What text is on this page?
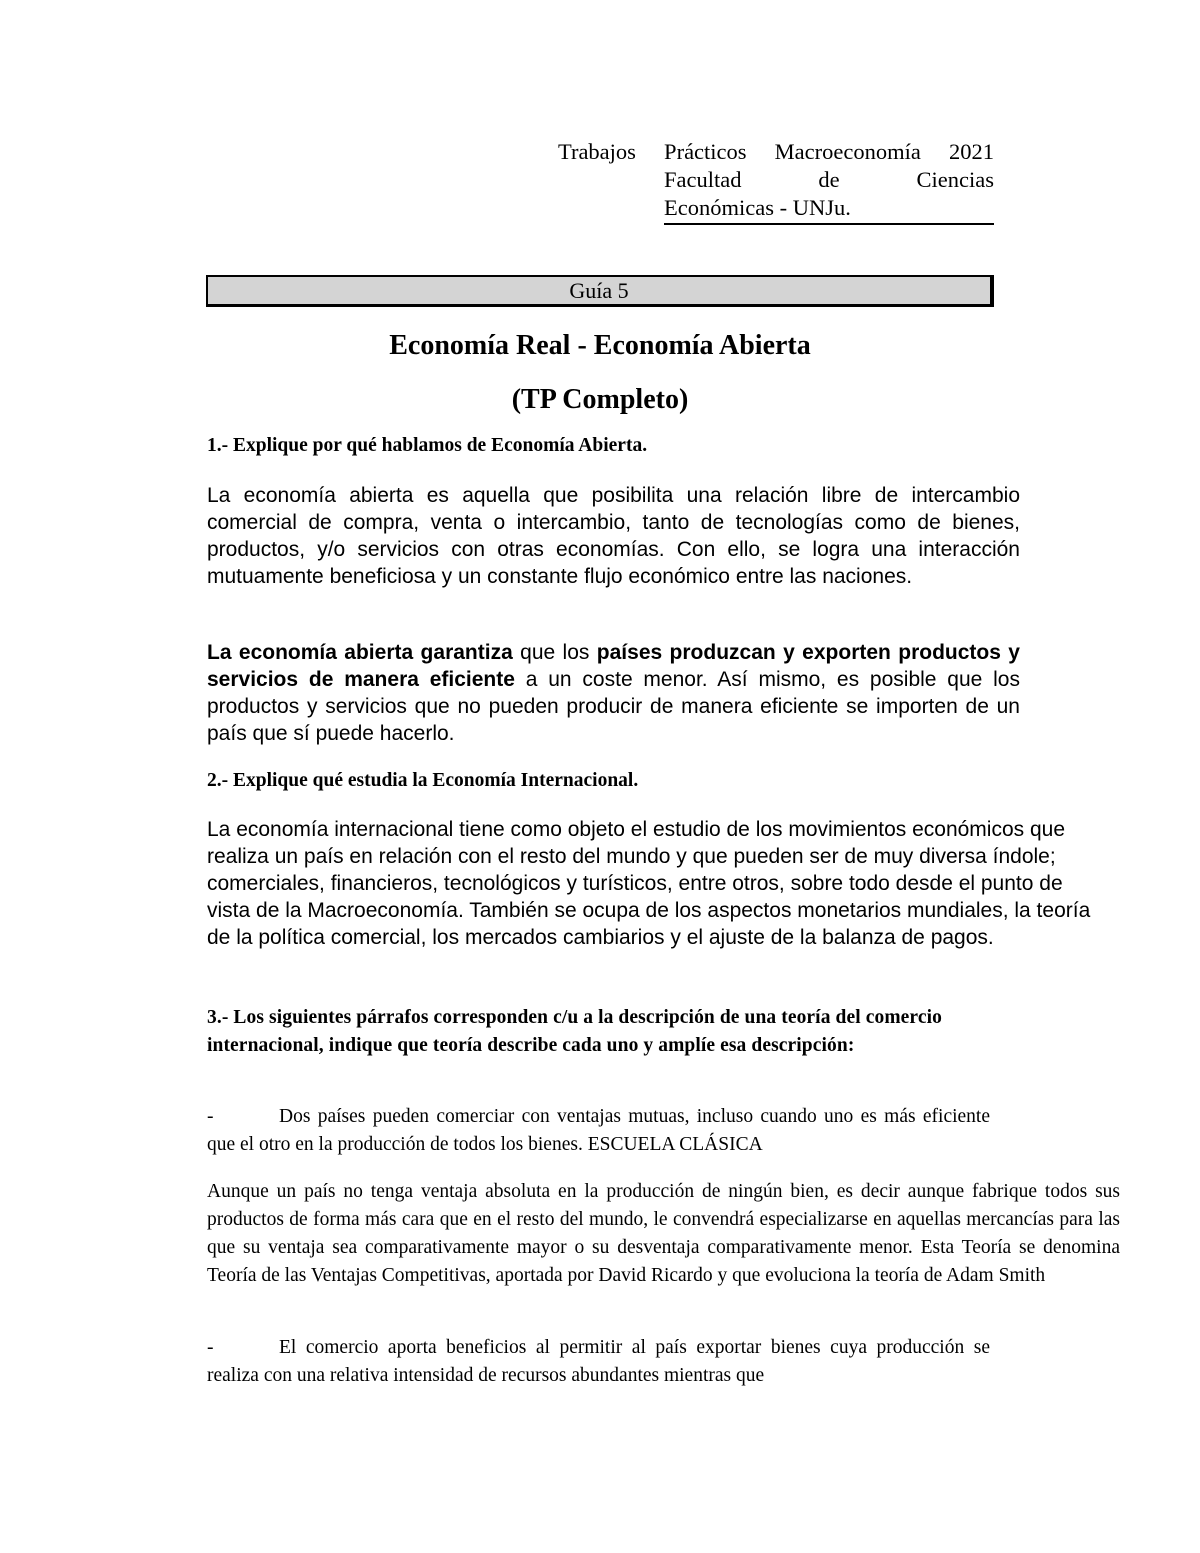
Trabajos Prácticos Macroeconomía 2021
Facultad de Ciencias
Económicas - UNJu.
Guía 5
Economía Real - Economía Abierta
(TP Completo)
1.- Explique por qué hablamos de Economía Abierta.
La economía abierta es aquella que posibilita una relación libre de intercambio comercial de compra, venta o intercambio, tanto de tecnologías como de bienes, productos, y/o servicios con otras economías. Con ello, se logra una interacción mutuamente beneficiosa y un constante flujo económico entre las naciones.
La economía abierta garantiza que los países produzcan y exporten productos y servicios de manera eficiente a un coste menor. Así mismo, es posible que los productos y servicios que no pueden producir de manera eficiente se importen de un país que sí puede hacerlo.
2.- Explique qué estudia la Economía Internacional.
La economía internacional tiene como objeto el estudio de los movimientos económicos que realiza un país en relación con el resto del mundo y que pueden ser de muy diversa índole; comerciales, financieros, tecnológicos y turísticos, entre otros, sobre todo desde el punto de vista de la Macroeconomía. También se ocupa de los aspectos monetarios mundiales, la teoría de la política comercial, los mercados cambiarios y el ajuste de la balanza de pagos.
3.- Los siguientes párrafos corresponden c/u a la descripción de una teoría del comercio internacional, indique que teoría describe cada uno y amplíe esa descripción:
-	Dos países pueden comerciar con ventajas mutuas, incluso cuando uno es más eficiente que el otro en la producción de todos los bienes. ESCUELA CLÁSICA
Aunque un país no tenga ventaja absoluta en la producción de ningún bien, es decir aunque fabrique todos sus productos de forma más cara que en el resto del mundo, le convendrá especializarse en aquellas mercancías para las que su ventaja sea comparativamente mayor o su desventaja comparativamente menor. Esta Teoría se denomina Teoría de las Ventajas Competitivas, aportada por David Ricardo y que evoluciona la teoría de Adam Smith
-	El comercio aporta beneficios al permitir al país exportar bienes cuya producción se realiza con una relativa intensidad de recursos abundantes mientras que
